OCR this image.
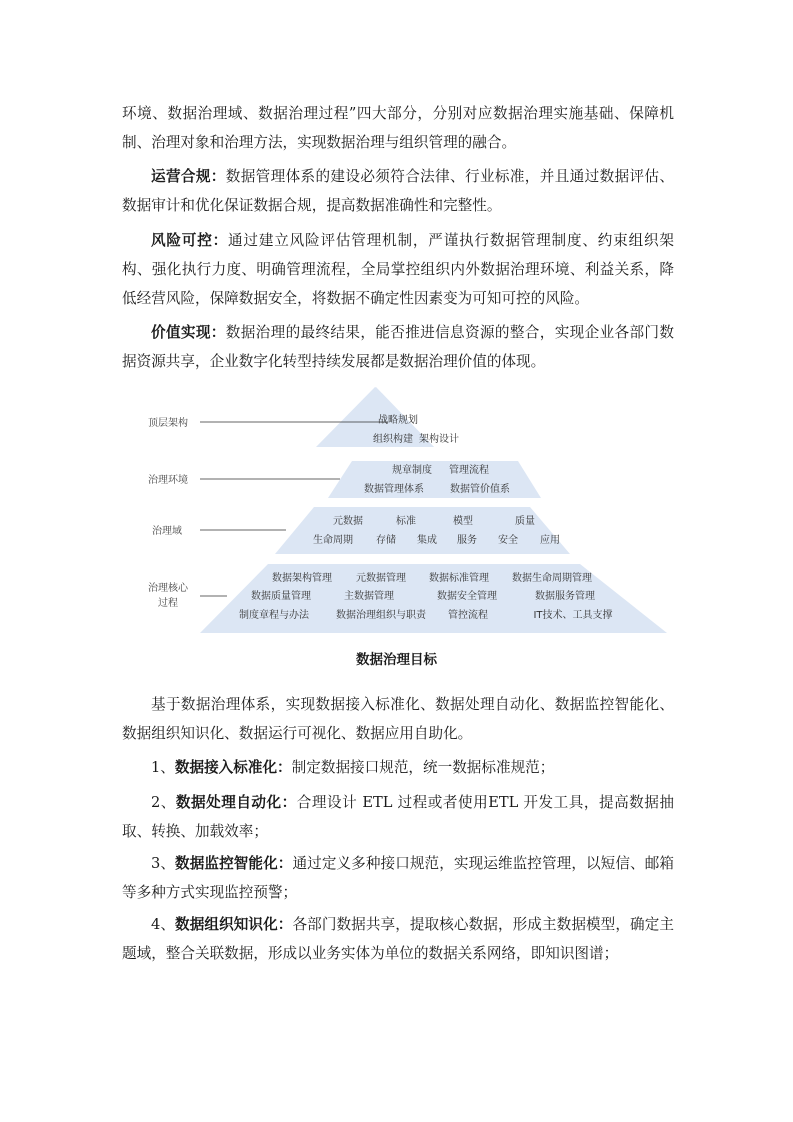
环境、数据治理域、数据治理过程”四大部分，分别对应数据治理实施基础、保障机制、治理对象和治理方法，实现数据治理与组织管理的融合。

运营合规：数据管理体系的建设必须符合法律、行业标准，并且通过数据评估、数据审计和优化保证数据合规，提高数据准确性和完整性。

风险可控：通过建立风险评估管理机制，严谨执行数据管理制度、约束组织架构、强化执行力度、明确管理流程，全局掌控组织内外数据治理环境、利益关系，降低经营风险，保障数据安全，将数据不确定性因素变为可知可控的风险。

价值实现：数据治理的最终结果，能否推进信息资源的整合，实现企业各部门数据资源共享，企业数字化转型持续发展都是数据治理价值的体现。

顶层架构
治理环境
治理域
治理核心
过程
战略规划
组织构建 架构设计
规章制度 管理流程
数据管理体系	数据管价值系
元数据	标准	模型	质量
生命周期 存储 集成 服务 安全 应用
数据架构管理 元数据管理 数据标准管理 数据生命周期管理
数据质量管理	主数据管理	数据安全管理	数据服务管理
制度章程与办法	数据治理组织与职责 管控流程	IT技术、工具支撑
数据治理目标

基于数据治理体系，实现数据接入标准化、数据处理自动化、数据监控智能化、数据组织知识化、数据运行可视化、数据应用自助化。

1、数据接入标准化：制定数据接口规范，统一数据标准规范；

2、数据处理自动化：合理设计 ETL 过程或者使用ETL 开发工具，提高数据抽取、转换、加载效率；

3、数据监控智能化：通过定义多种接口规范，实现运维监控管理，以短信、邮箱等多种方式实现监控预警；

4、数据组织知识化：各部门数据共享，提取核心数据，形成主数据模型，确定主题域，整合关联数据，形成以业务实体为单位的数据关系网络，即知识图谱；
